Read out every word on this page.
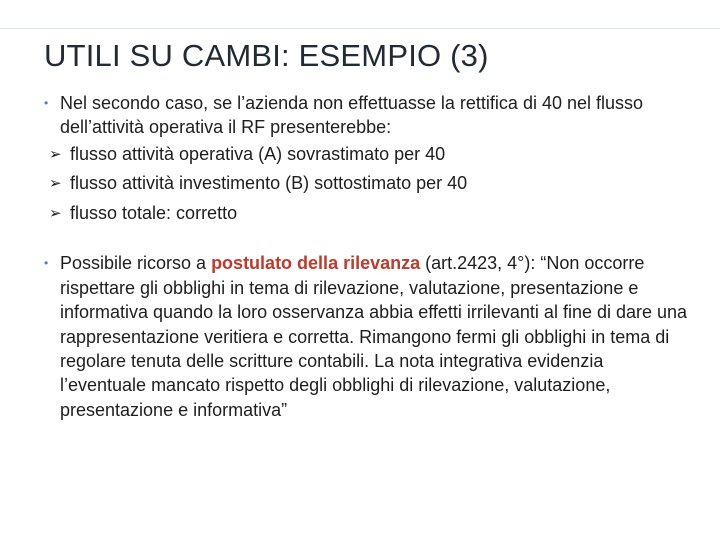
UTILI SU CAMBI: ESEMPIO (3)
• Nel secondo caso, se l’azienda non effettuasse la rettifica di 40 nel flusso dell’attività operativa il RF presenterebbe:
➢ flusso attività operativa (A) sovrastimato per 40
➢ flusso attività investimento (B) sottostimato per 40
➢ flusso totale: corretto
• Possibile ricorso a postulato della rilevanza (art.2423, 4°): “Non occorre rispettare gli obblighi in tema di rilevazione, valutazione, presentazione e informativa quando la loro osservanza abbia effetti irrilevanti al fine di dare una rappresentazione veritiera e corretta. Rimangono fermi gli obblighi in tema di regolare tenuta delle scritture contabili. La nota integrativa evidenzia l’eventuale mancato rispetto degli obblighi di rilevazione, valutazione, presentazione e informativa”
